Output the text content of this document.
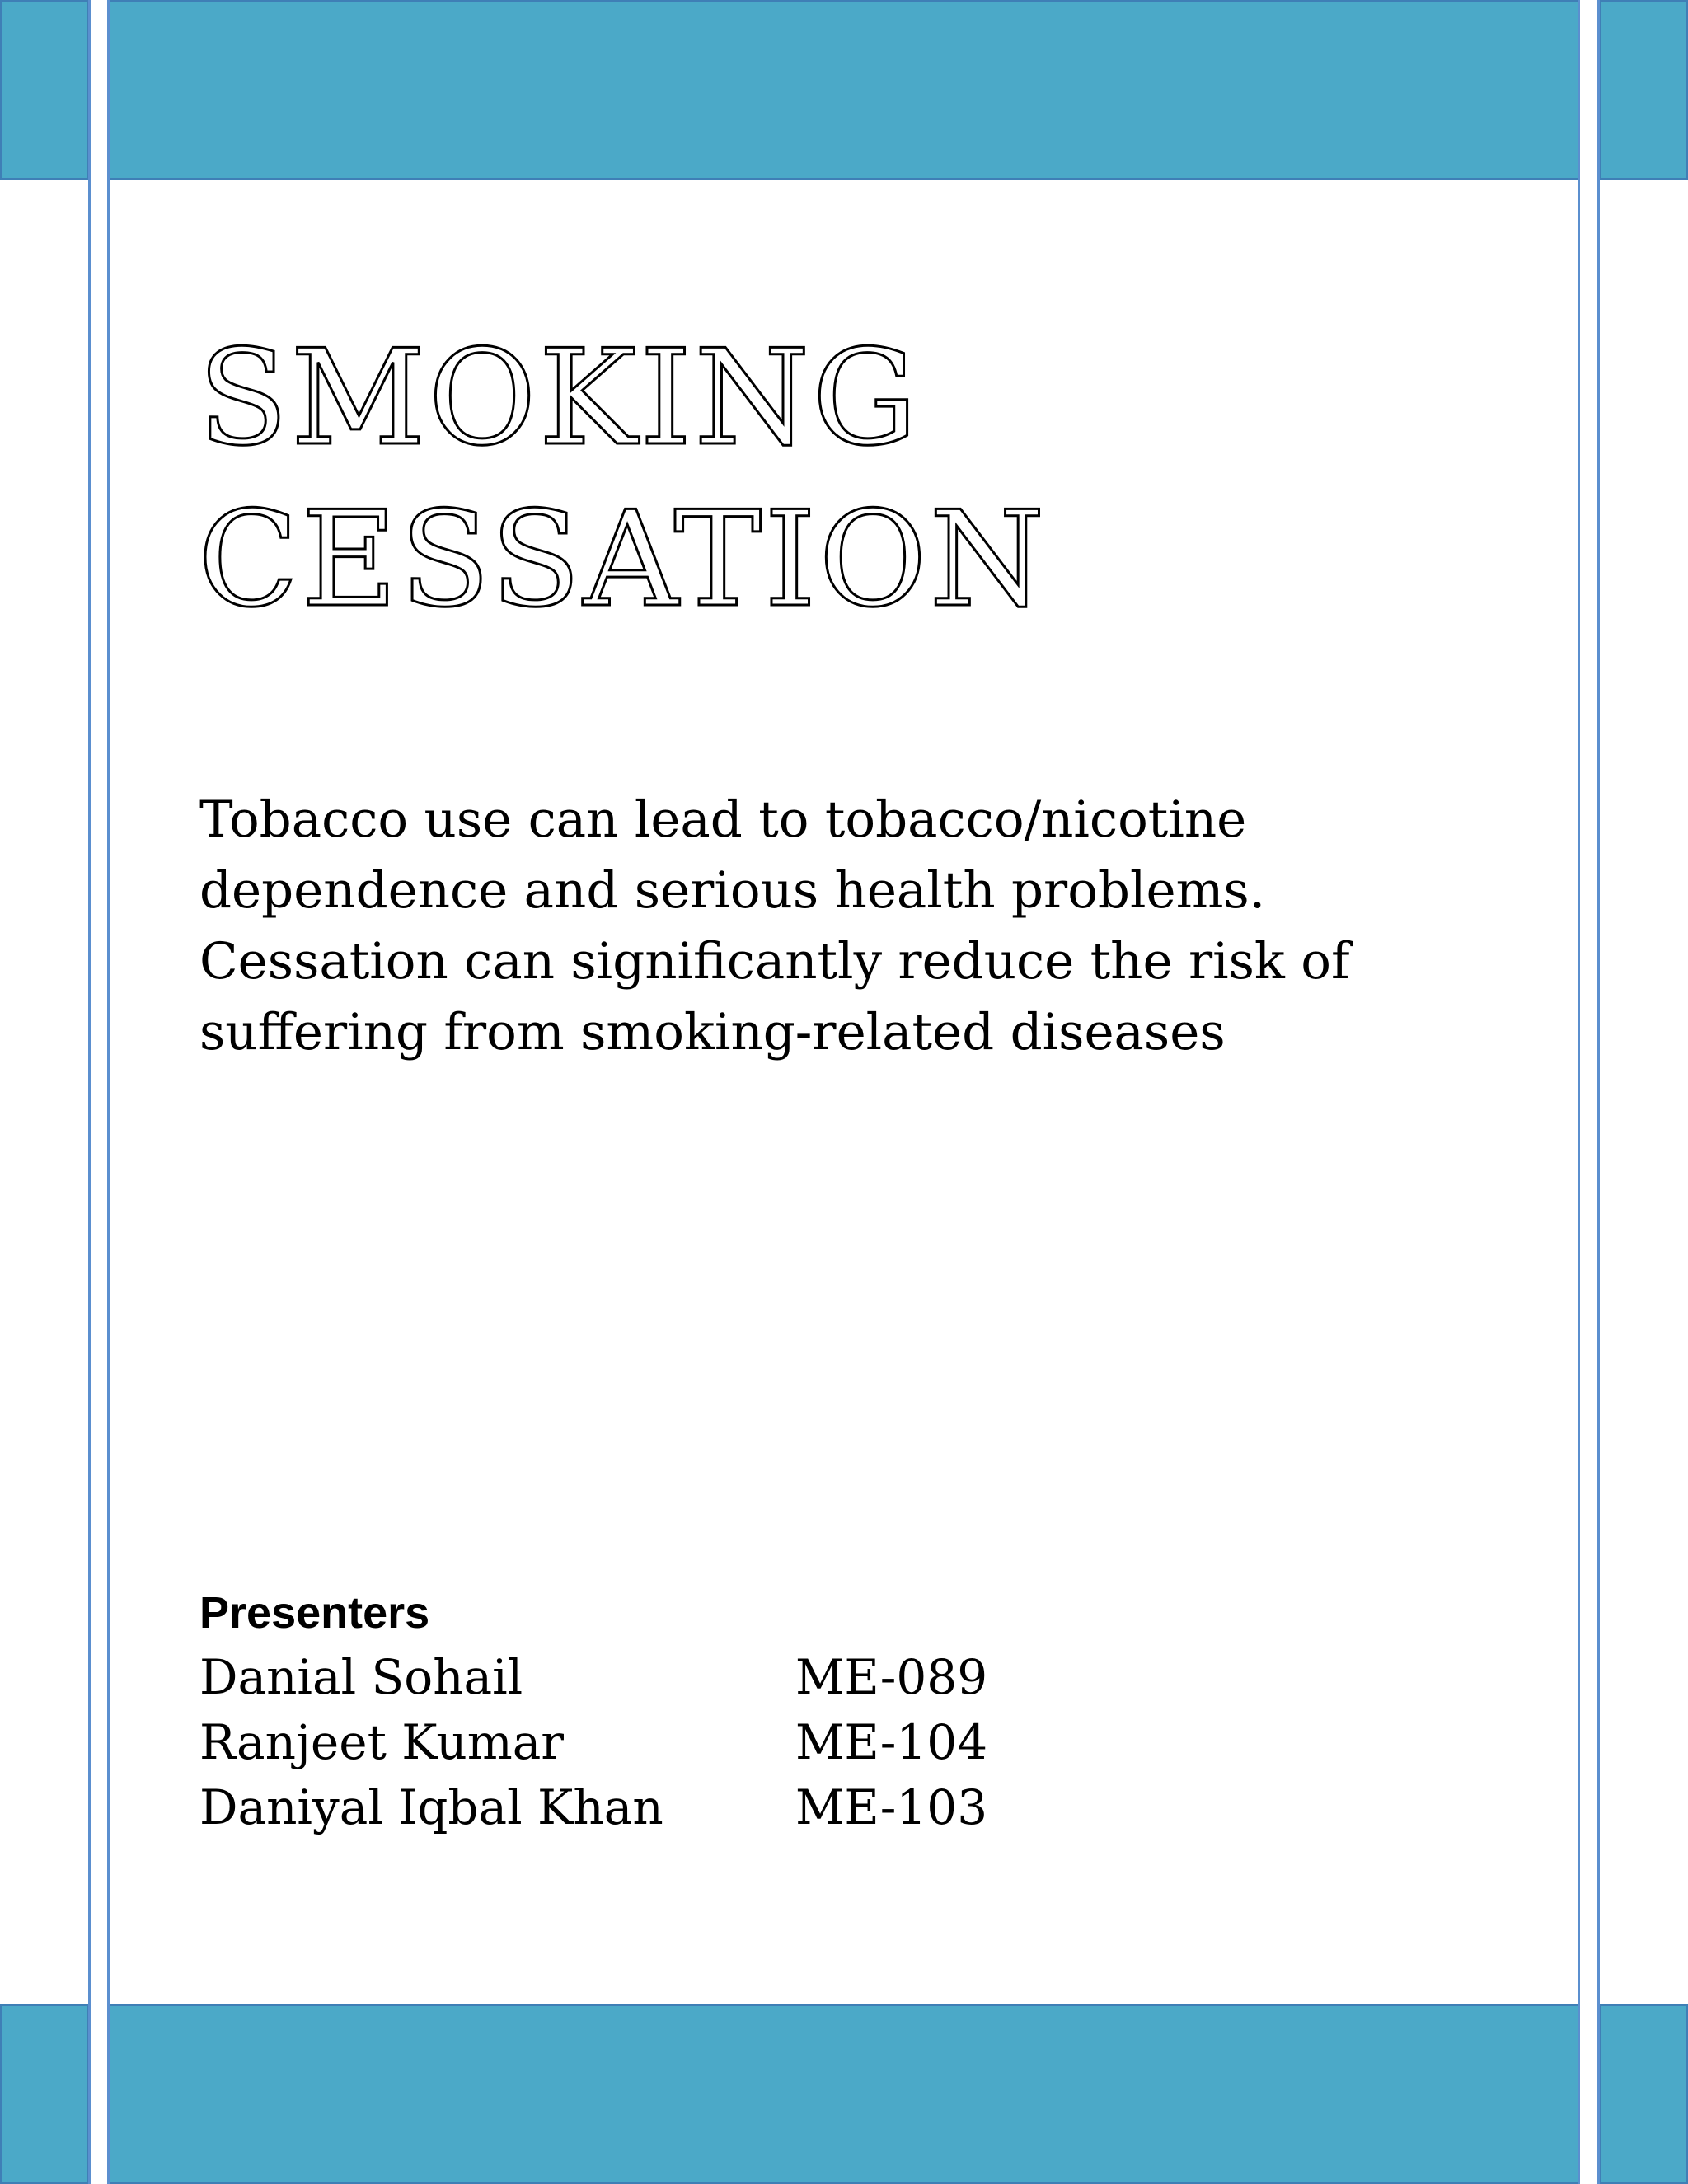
SMOKING
CESSATION

Tobacco use can lead to tobacco/nicotine
dependence and serious health problems.
Cessation can significantly reduce the risk of
suffering from smoking-related diseases

Presenters

Danial Sohail	ME-089
Ranjeet Kumar	ME-104
Daniyal Iqbal Khan	ME-103
